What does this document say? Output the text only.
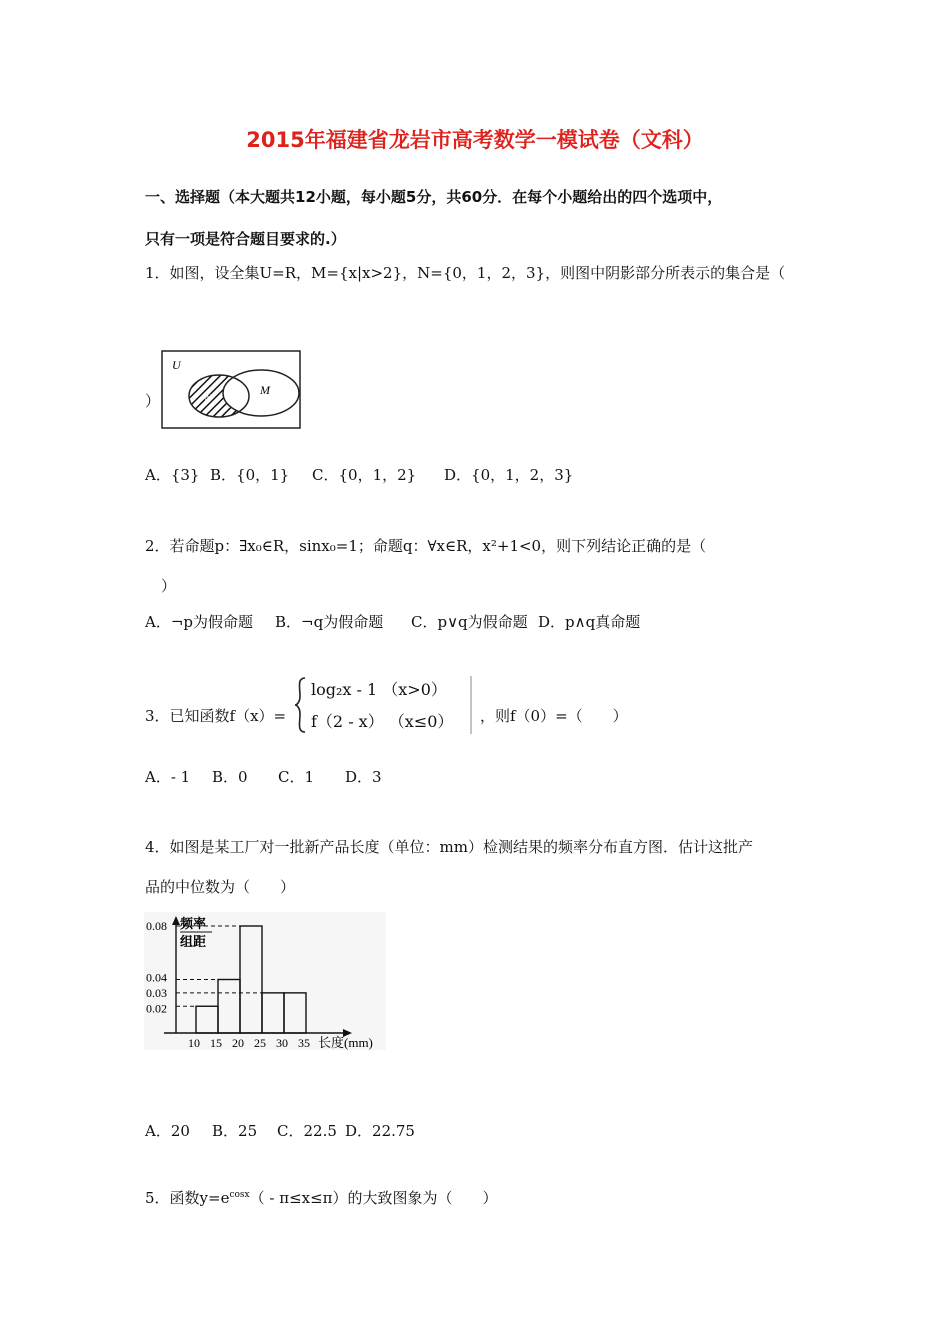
2015年福建省龙岩市高考数学一模试卷（文科）
一、选择题（本大题共12小题，每小题5分，共60分．在每个小题给出的四个选项中，
只有一项是符合题目要求的.）
1．如图，设全集U=R，M={x|x>2}，N={0，1，2，3}，则图中阴影部分所表示的集合是（
）
U
N
M
A．{3} B．{0，1} C．{0，1，2} D．{0，1，2，3}
2．若命题p：∃x₀∈R，sinx₀=1；命题q：∀x∈R，x²+1<0，则下列结论正确的是（
）
A．¬p为假命题 B．¬q为假命题 C．p∨q为假命题 D．p∧q真命题
3．已知函数f（x）=
log₂x - 1 （x>0）
f（2 - x） （x≤0） ，则f（0）=（　　）
A．- 1 B．0 C．1 D．3
4．如图是某工厂对一批新产品长度（单位：mm）检测结果的频率分布直方图．估计这批产
品的中位数为（　　）
频率
组距
长度(mm)
0.08
0.04
0.03
0.02
10 15 20 25 30 35
A．20 B．25 C．22.5 D．22.75
5．函数$y=e^{cosx}( - \pi\le x\le\pi)$的大致图象为（　　）
